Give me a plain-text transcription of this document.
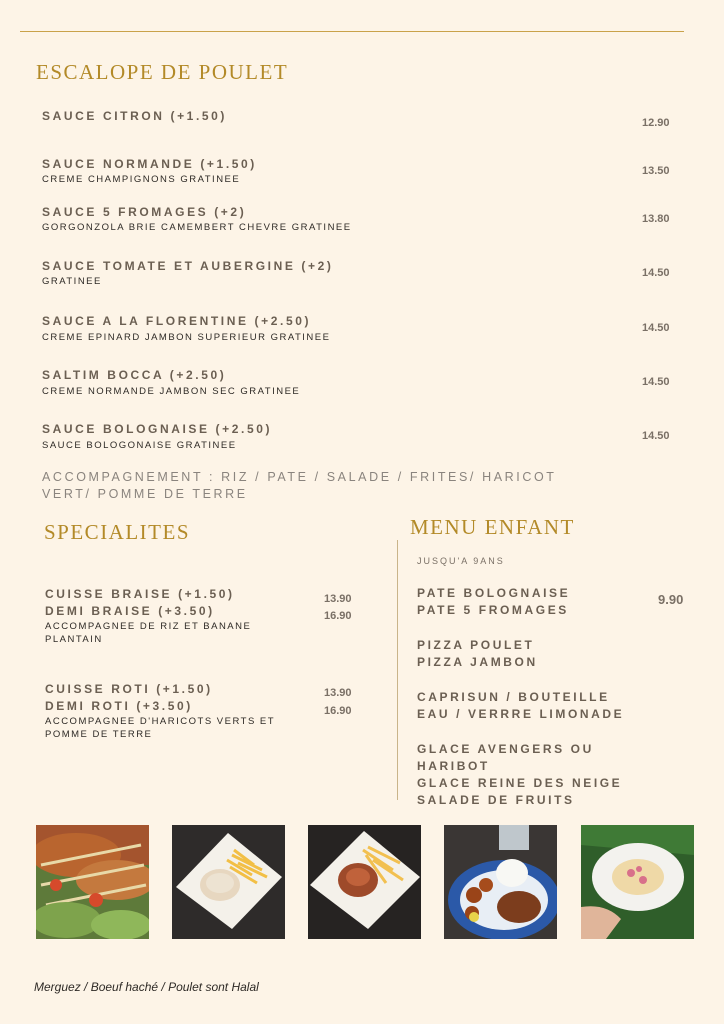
ESCALOPE DE POULET
SAUCE CITRON (+1.50)	12.90
SAUCE NORMANDE (+1.50)
CREME CHAMPIGNONS GRATINEE
13.50
SAUCE 5 FROMAGES (+2)
GORGONZOLA BRIE CAMEMBERT CHEVRE GRATINEE
13.80
SAUCE TOMATE ET AUBERGINE (+2)
GRATINEE
14.50
SAUCE A LA FLORENTINE (+2.50)
CREME EPINARD JAMBON SUPERIEUR GRATINEE
14.50
SALTIM BOCCA (+2.50)
CREME NORMANDE JAMBON SEC GRATINEE
14.50
SAUCE BOLOGNAISE (+2.50)
SAUCE BOLOGONAISE GRATINEE
14.50
ACCOMPAGNEMENT : RIZ / PATE / SALADE / FRITES/ HARICOT VERT/ POMME DE TERRE
SPECIALITES
CUISSE BRAISE (+1.50)
DEMI BRAISE (+3.50)
ACCOMPAGNEE DE RIZ ET BANANE
PLANTAIN
13.90
16.90
CUISSE ROTI (+1.50)
DEMI ROTI (+3.50)
ACCOMPAGNEE D'HARICOTS VERTS ET
POMME DE TERRE
13.90
16.90
MENU ENFANT
JUSQU'A 9ANS
9.90
PATE BOLOGNAISE
PATE 5 FROMAGES
PIZZA POULET
PIZZA JAMBON
CAPRISUN / BOUTEILLE
EAU / VERRRE LIMONADE
GLACE AVENGERS OU
HARIBOT
GLACE REINE DES NEIGE
SALADE DE FRUITS
Merguez / Boeuf haché / Poulet sont Halal
